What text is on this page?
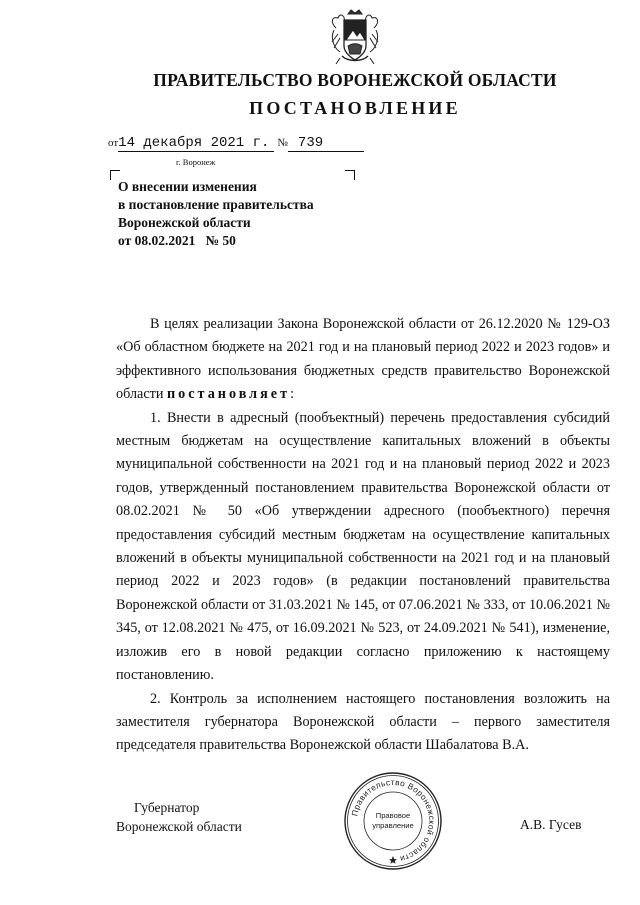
ПРАВИТЕЛЬСТВО ВОРОНЕЖСКОЙ ОБЛАСТИ
ПОСТАНОВЛЕНИЕ
от14 декабря 2021 г. № 739
г. Воронеж
О внесении изменения
в постановление правительства
Воронежской области
от 08.02.2021   № 50

В целях реализации Закона Воронежской области от 26.12.2020 № 129-ОЗ «Об областном бюджете на 2021 год и на плановый период 2022 и 2023 годов» и эффективного использования бюджетных средств правительство Воронежской области постановляет:

1. Внести в адресный (пообъектный) перечень предоставления субсидий местным бюджетам на осуществление капитальных вложений в объекты муниципальной собственности на 2021 год и на плановый период 2022 и 2023 годов, утвержденный постановлением правительства Воронежской области от 08.02.2021 № 50 «Об утверждении адресного (пообъектного) перечня предоставления субсидий местным бюджетам на осуществление капитальных вложений в объекты муниципальной собственности на 2021 год и на плановый период 2022 и 2023 годов» (в редакции постановлений правительства Воронежской области от 31.03.2021 № 145, от 07.06.2021 № 333, от 10.06.2021 № 345, от 12.08.2021 № 475, от 16.09.2021 № 523, от 24.09.2021 № 541), изменение, изложив его в новой редакции согласно приложению к настоящему постановлению.

2. Контроль за исполнением настоящего постановления возложить на заместителя губернатора Воронежской области – первого заместителя председателя правительства Воронежской области Шабалатова В.А.

Губернатор
Воронежской области
Правительство Воронежской области
Правовое
управление	А.В. Гусев
